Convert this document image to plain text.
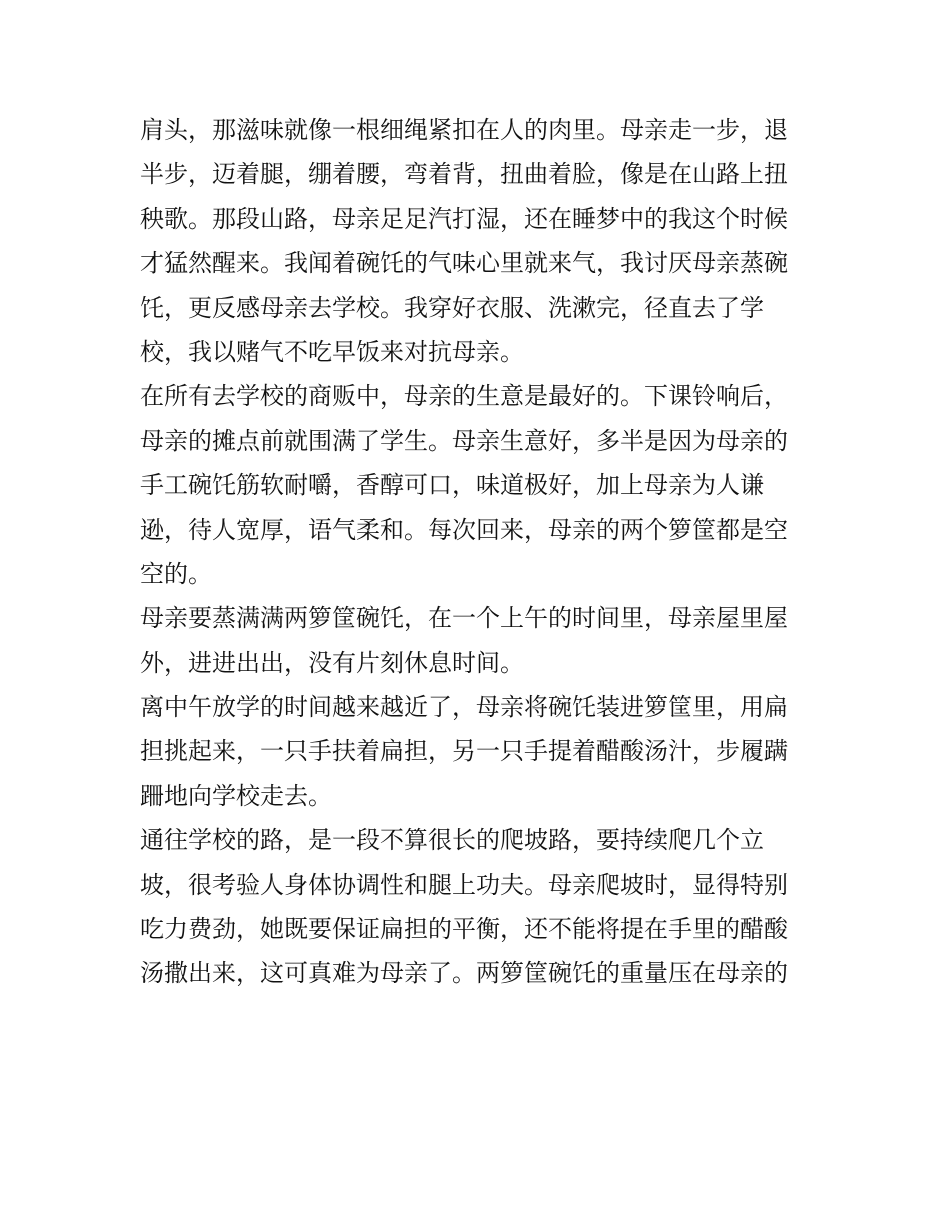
肩头，那滋味就像一根细绳紧扣在人的肉里。母亲走一步，退
半步，迈着腿，绷着腰，弯着背，扭曲着脸，像是在山路上扭
秧歌。那段山路，母亲足足汽打湿，还在睡梦中的我这个时候
才猛然醒来。我闻着碗饦的气味心里就来气，我讨厌母亲蒸碗
饦，更反感母亲去学校。我穿好衣服、洗漱完，径直去了学
校，我以赌气不吃早饭来对抗母亲。
在所有去学校的商贩中，母亲的生意是最好的。下课铃响后，
母亲的摊点前就围满了学生。母亲生意好，多半是因为母亲的
手工碗饦筋软耐嚼，香醇可口，味道极好，加上母亲为人谦
逊，待人宽厚，语气柔和。每次回来，母亲的两个箩筐都是空
空的。
母亲要蒸满满两箩筐碗饦，在一个上午的时间里，母亲屋里屋
外，进进出出，没有片刻休息时间。
离中午放学的时间越来越近了，母亲将碗饦装进箩筐里，用扁
担挑起来，一只手扶着扁担，另一只手提着醋酸汤汁，步履蹒
跚地向学校走去。
通往学校的路，是一段不算很长的爬坡路，要持续爬几个立
坡，很考验人身体协调性和腿上功夫。母亲爬坡时，显得特别
吃力费劲，她既要保证扁担的平衡，还不能将提在手里的醋酸
汤撒出来，这可真难为母亲了。两箩筐碗饦的重量压在母亲的
